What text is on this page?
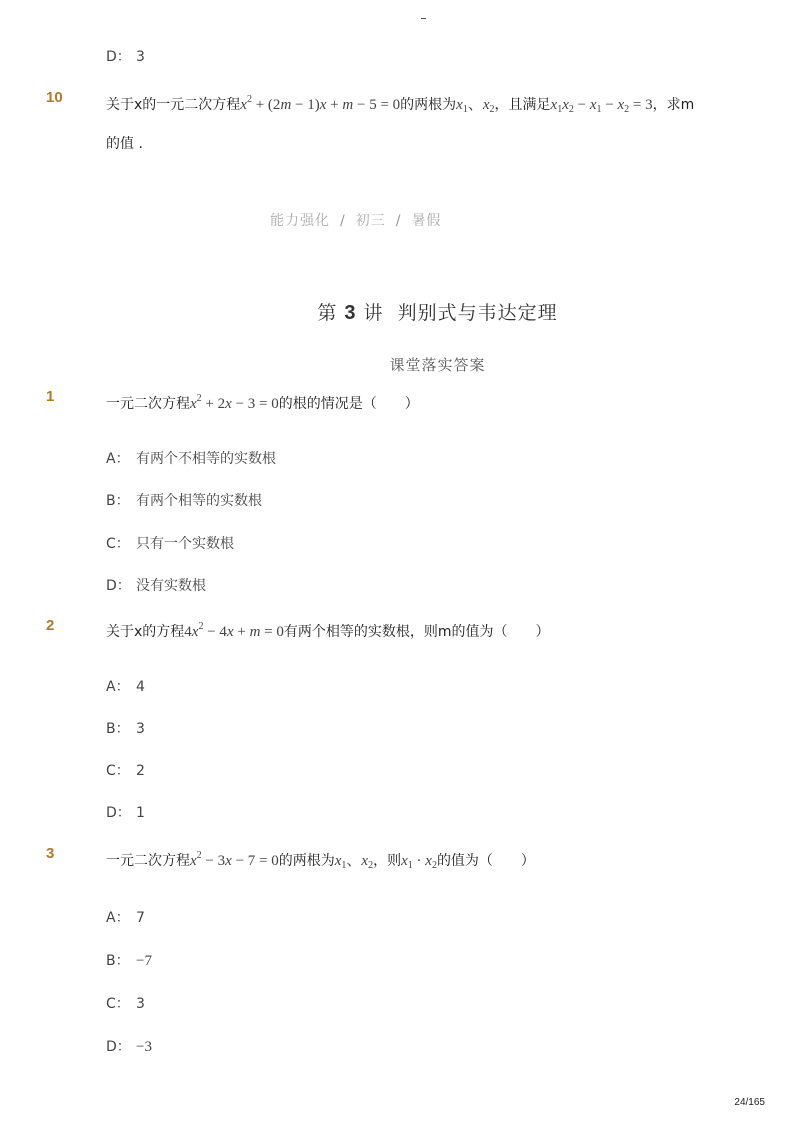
D： 3
10	关于x的一元二次方程$x^2 + (2m - 1)x + m - 5 = 0$的两根为$x_1$、$x_2$，且满足$x_1x_2 - x_1 - x_2 = 3$，求m
的值 .
能力强化 / 初三 / 暑假
第 3 讲 判别式与韦达定理
课堂落实答案
1	一元二次方程$x^2 + 2x - 3 = 0$的根的情况是（　　）
A： 有两个不相等的实数根
B： 有两个相等的实数根
C： 只有一个实数根
D： 没有实数根
2	关于x的方程$4x^2 - 4x + m = 0$有两个相等的实数根，则m的值为（　　）
A： 4
B： 3
C： 2
D： 1
3	一元二次方程$x^2 - 3x - 7 = 0$的两根为$x_1$、$x_2$，则$x_1 \cdot x_2$的值为（　　）
A： 7
B： −7
C： 3
D： −3
24/165
